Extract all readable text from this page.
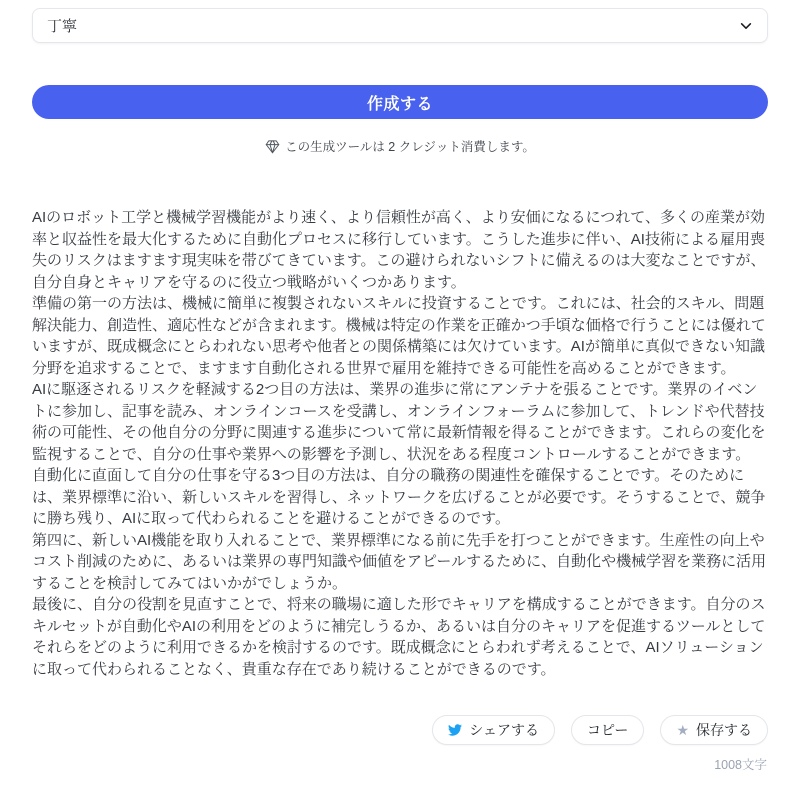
丁寧
作成する
この生成ツールは 2 クレジット消費します。

AIのロボット工学と機械学習機能がより速く、より信頼性が高く、より安価になるにつれて、多くの産業が効率と収益性を最大化するために自動化プロセスに移行しています。こうした進歩に伴い、AI技術による雇用喪失のリスクはますます現実味を帯びてきています。この避けられないシフトに備えるのは大変なことですが、自分自身とキャリアを守るのに役立つ戦略がいくつかあります。

準備の第一の方法は、機械に簡単に複製されないスキルに投資することです。これには、社会的スキル、問題解決能力、創造性、適応性などが含まれます。機械は特定の作業を正確かつ手頃な価格で行うことには優れていますが、既成概念にとらわれない思考や他者との関係構築には欠けています。AIが簡単に真似できない知識分野を追求することで、ますます自動化される世界で雇用を維持できる可能性を高めることができます。

AIに駆逐されるリスクを軽減する2つ目の方法は、業界の進歩に常にアンテナを張ることです。業界のイベントに参加し、記事を読み、オンラインコースを受講し、オンラインフォーラムに参加して、トレンドや代替技術の可能性、その他自分の分野に関連する進歩について常に最新情報を得ることができます。これらの変化を監視することで、自分の仕事や業界への影響を予測し、状況をある程度コントロールすることができます。

自動化に直面して自分の仕事を守る3つ目の方法は、自分の職務の関連性を確保することです。そのためには、業界標準に沿い、新しいスキルを習得し、ネットワークを広げることが必要です。そうすることで、競争に勝ち残り、AIに取って代わられることを避けることができるのです。

第四に、新しいAI機能を取り入れることで、業界標準になる前に先手を打つことができます。生産性の向上やコスト削減のために、あるいは業界の専門知識や価値をアピールするために、自動化や機械学習を業務に活用することを検討してみてはいかがでしょうか。

最後に、自分の役割を見直すことで、将来の職場に適した形でキャリアを構成することができます。自分のスキルセットが自動化やAIの利用をどのように補完しうるか、あるいは自分のキャリアを促進するツールとしてそれらをどのように利用できるかを検討するのです。既成概念にとらわれず考えることで、AIソリューションに取って代わられることなく、貴重な存在であり続けることができるのです。

シェアする	コピー	★ 保存する
1008文字
